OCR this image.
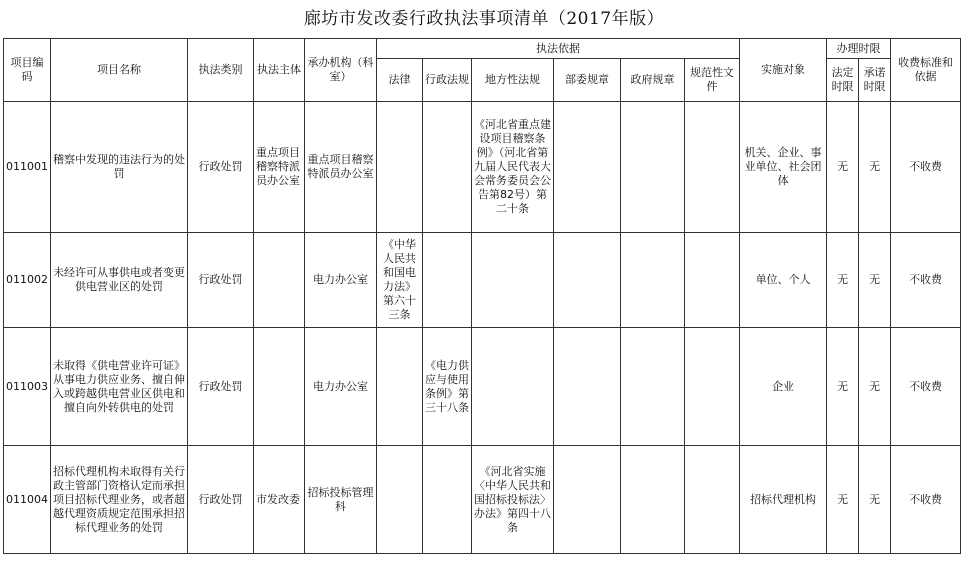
廊坊市发改委行政执法事项清单（2017年版）
项目编码	项目名称	执法类别	执法主体	承办机构（科室）	执法依据						实施对象	办理时限		收费标准和依据
					法律	行政法规	地方性法规	部委规章	政府规章	规范性文件		法定时限	承诺时限	
011001	稽察中发现的违法行为的处罚	行政处罚	重点项目稽察特派员办公室	重点项目稽察特派员办公室			《河北省重点建设项目稽察条例》（河北省第九届人民代表大会常务委员会公告第82号）第二十条				机关、企业、事业单位、社会团体	无	无	不收费
011002	未经许可从事供电或者变更供电营业区的处罚	行政处罚		电力办公室	《中华人民共和国电力法》第六十三条						单位、个人	无	无	不收费
011003	未取得《供电营业许可证》从事电力供应业务、擅自伸入或跨越供电营业区供电和擅自向外转供电的处罚	行政处罚		电力办公室		《电力供应与使用条例》第三十八条					企业	无	无	不收费
011004	招标代理机构未取得有关行政主管部门资格认定而承担项目招标代理业务，或者超越代理资质规定范围承担招标代理业务的处罚	行政处罚	市发改委	招标投标管理科			《河北省实施〈中华人民共和国招标投标法〉办法》第四十八条				招标代理机构	无	无	不收费
